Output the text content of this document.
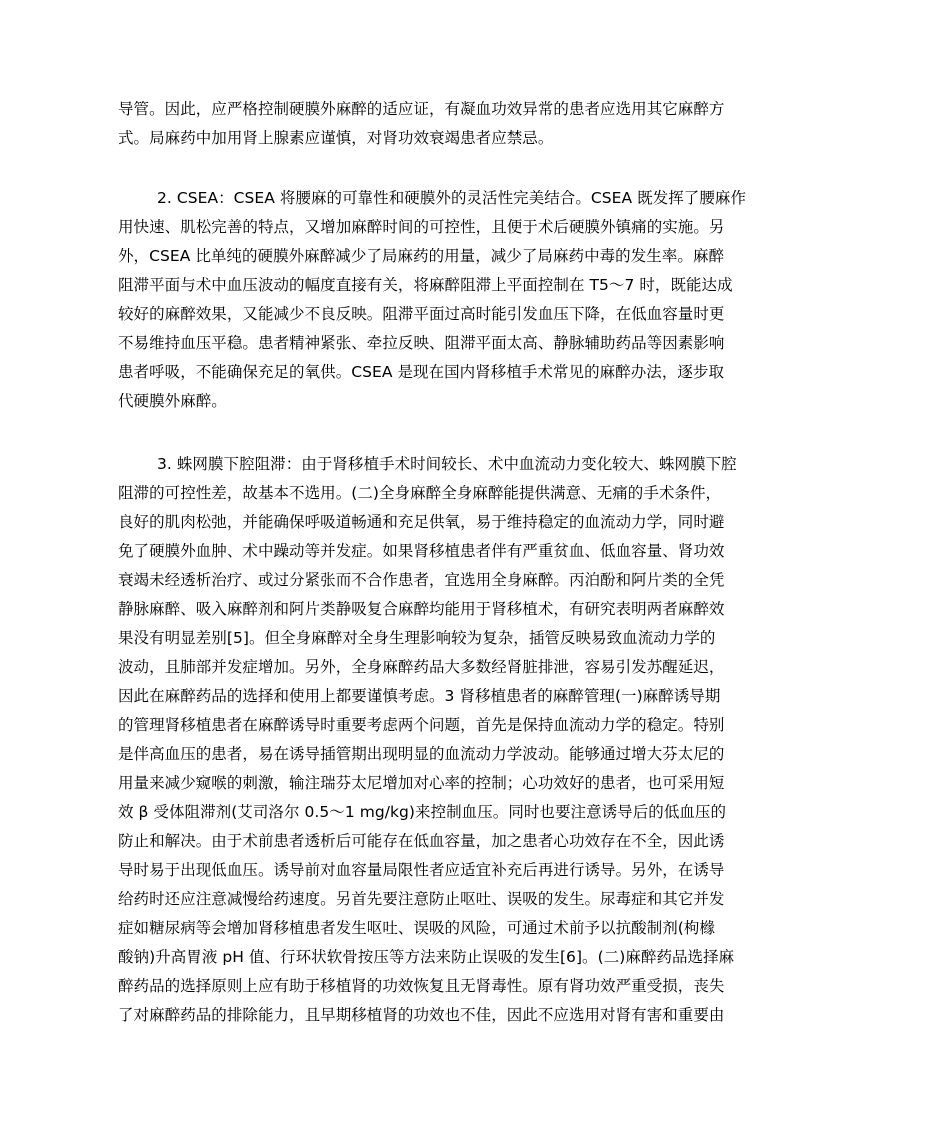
导管。因此，应严格控制硬膜外麻醉的适应证，有凝血功效异常的患者应选用其它麻醉方
式。局麻药中加用肾上腺素应谨慎，对肾功效衰竭患者应禁忌。
2. CSEA：CSEA 将腰麻的可靠性和硬膜外的灵活性完美结合。CSEA 既发挥了腰麻作
用快速、肌松完善的特点，又增加麻醉时间的可控性，且便于术后硬膜外镇痛的实施。另
外，CSEA 比单纯的硬膜外麻醉减少了局麻药的用量，减少了局麻药中毒的发生率。麻醉
阻滞平面与术中血压波动的幅度直接有关，将麻醉阻滞上平面控制在 T5～7 时，既能达成
较好的麻醉效果，又能减少不良反映。阻滞平面过高时能引发血压下降，在低血容量时更
不易维持血压平稳。患者精神紧张、牵拉反映、阻滞平面太高、静脉辅助药品等因素影响
患者呼吸，不能确保充足的氧供。CSEA 是现在国内肾移植手术常见的麻醉办法，逐步取
代硬膜外麻醉。
3. 蛛网膜下腔阻滞：由于肾移植手术时间较长、术中血流动力变化较大、蛛网膜下腔
阻滞的可控性差，故基本不选用。(二)全身麻醉全身麻醉能提供满意、无痛的手术条件，
良好的肌肉松弛，并能确保呼吸道畅通和充足供氧，易于维持稳定的血流动力学，同时避
免了硬膜外血肿、术中躁动等并发症。如果肾移植患者伴有严重贫血、低血容量、肾功效
衰竭未经透析治疗、或过分紧张而不合作患者，宜选用全身麻醉。丙泊酚和阿片类的全凭
静脉麻醉、吸入麻醉剂和阿片类静吸复合麻醉均能用于肾移植术，有研究表明两者麻醉效
果没有明显差别[5]。但全身麻醉对全身生理影响较为复杂，插管反映易致血流动力学的
波动，且肺部并发症增加。另外，全身麻醉药品大多数经肾脏排泄，容易引发苏醒延迟，
因此在麻醉药品的选择和使用上都要谨慎考虑。3 肾移植患者的麻醉管理(一)麻醉诱导期
的管理肾移植患者在麻醉诱导时重要考虑两个问题，首先是保持血流动力学的稳定。特别
是伴高血压的患者，易在诱导插管期出现明显的血流动力学波动。能够通过增大芬太尼的
用量来减少窥喉的刺激，输注瑞芬太尼增加对心率的控制；心功效好的患者，也可采用短
效 β 受体阻滞剂(艾司洛尔 0.5～1 mg/kg)来控制血压。同时也要注意诱导后的低血压的
防止和解决。由于术前患者透析后可能存在低血容量，加之患者心功效存在不全，因此诱
导时易于出现低血压。诱导前对血容量局限性者应适宜补充后再进行诱导。另外，在诱导
给药时还应注意减慢给药速度。另首先要注意防止呕吐、误吸的发生。尿毒症和其它并发
症如糖尿病等会增加肾移植患者发生呕吐、误吸的风险，可通过术前予以抗酸制剂(枸橼
酸钠)升高胃液 pH 值、行环状软骨按压等方法来防止误吸的发生[6]。(二)麻醉药品选择麻
醉药品的选择原则上应有助于移植肾的功效恢复且无肾毒性。原有肾功效严重受损，丧失
了对麻醉药品的排除能力，且早期移植肾的功效也不佳，因此不应选用对肾有害和重要由
